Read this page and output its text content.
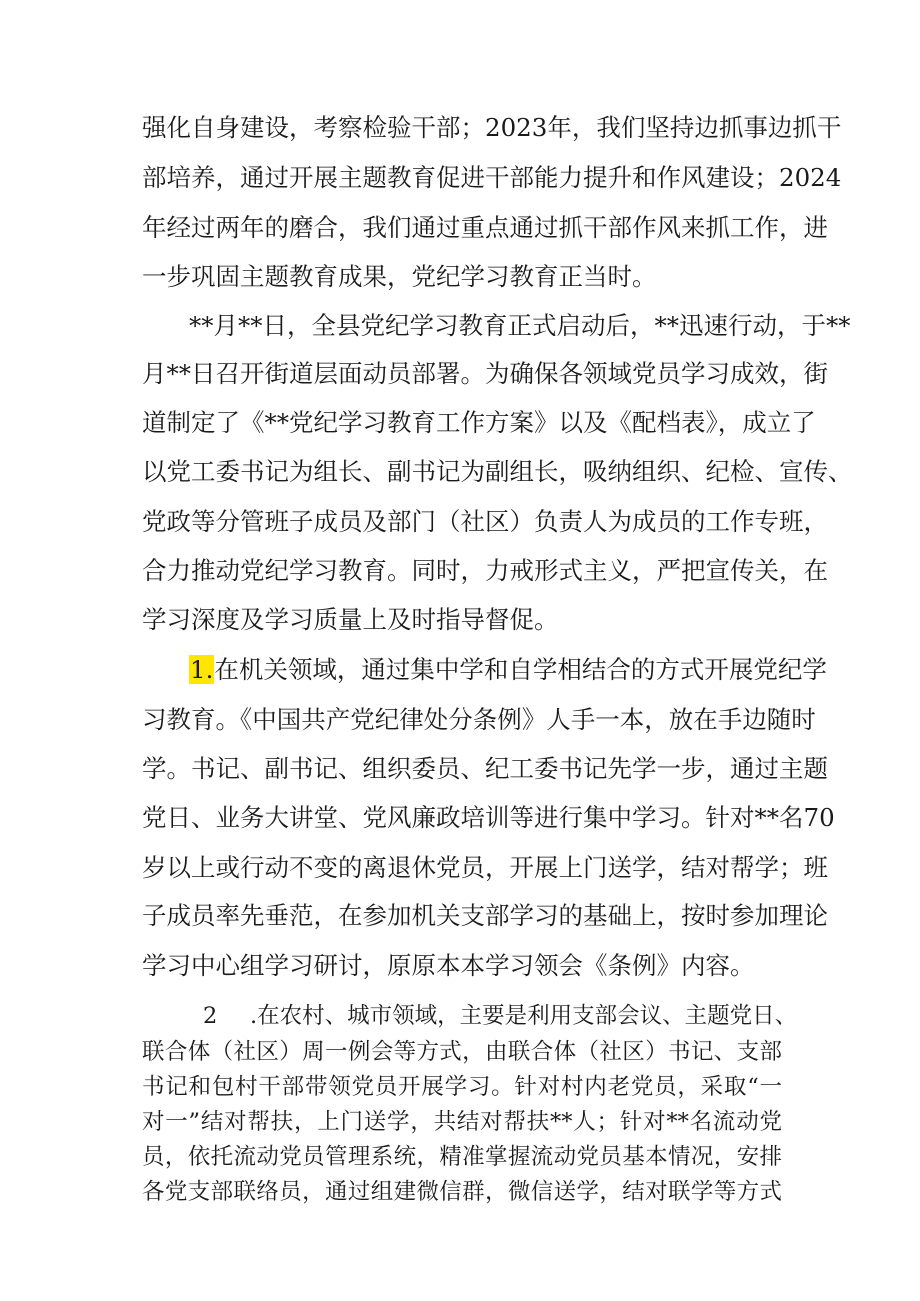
强化自身建设，考察检验干部；2023年，我们坚持边抓事边抓干
部培养，通过开展主题教育促进干部能力提升和作风建设；2024
年经过两年的磨合，我们通过重点通过抓干部作风来抓工作，进
一步巩固主题教育成果，党纪学习教育正当时。
**月**日，全县党纪学习教育正式启动后，**迅速行动，于**
月**日召开街道层面动员部署。为确保各领域党员学习成效，街
道制定了《**党纪学习教育工作方案》以及《配档表》，成立了
以党工委书记为组长、副书记为副组长，吸纳组织、纪检、宣传、
党政等分管班子成员及部门（社区）负责人为成员的工作专班，
合力推动党纪学习教育。同时，力戒形式主义，严把宣传关，在
学习深度及学习质量上及时指导督促。
1.在机关领域，通过集中学和自学相结合的方式开展党纪学
习教育。《中国共产党纪律处分条例》人手一本，放在手边随时
学。书记、副书记、组织委员、纪工委书记先学一步，通过主题
党日、业务大讲堂、党风廉政培训等进行集中学习。针对**名70
岁以上或行动不变的离退休党员，开展上门送学，结对帮学；班
子成员率先垂范，在参加机关支部学习的基础上，按时参加理论
学习中心组学习研讨，原原本本学习领会《条例》内容。
2 .在农村、城市领域，主要是利用支部会议、主题党日、
联合体（社区）周一例会等方式，由联合体（社区）书记、支部
书记和包村干部带领党员开展学习。针对村内老党员，采取“一
对一”结对帮扶，上门送学，共结对帮扶**人；针对**名流动党
员，依托流动党员管理系统，精准掌握流动党员基本情况，安排
各党支部联络员，通过组建微信群，微信送学，结对联学等方式
